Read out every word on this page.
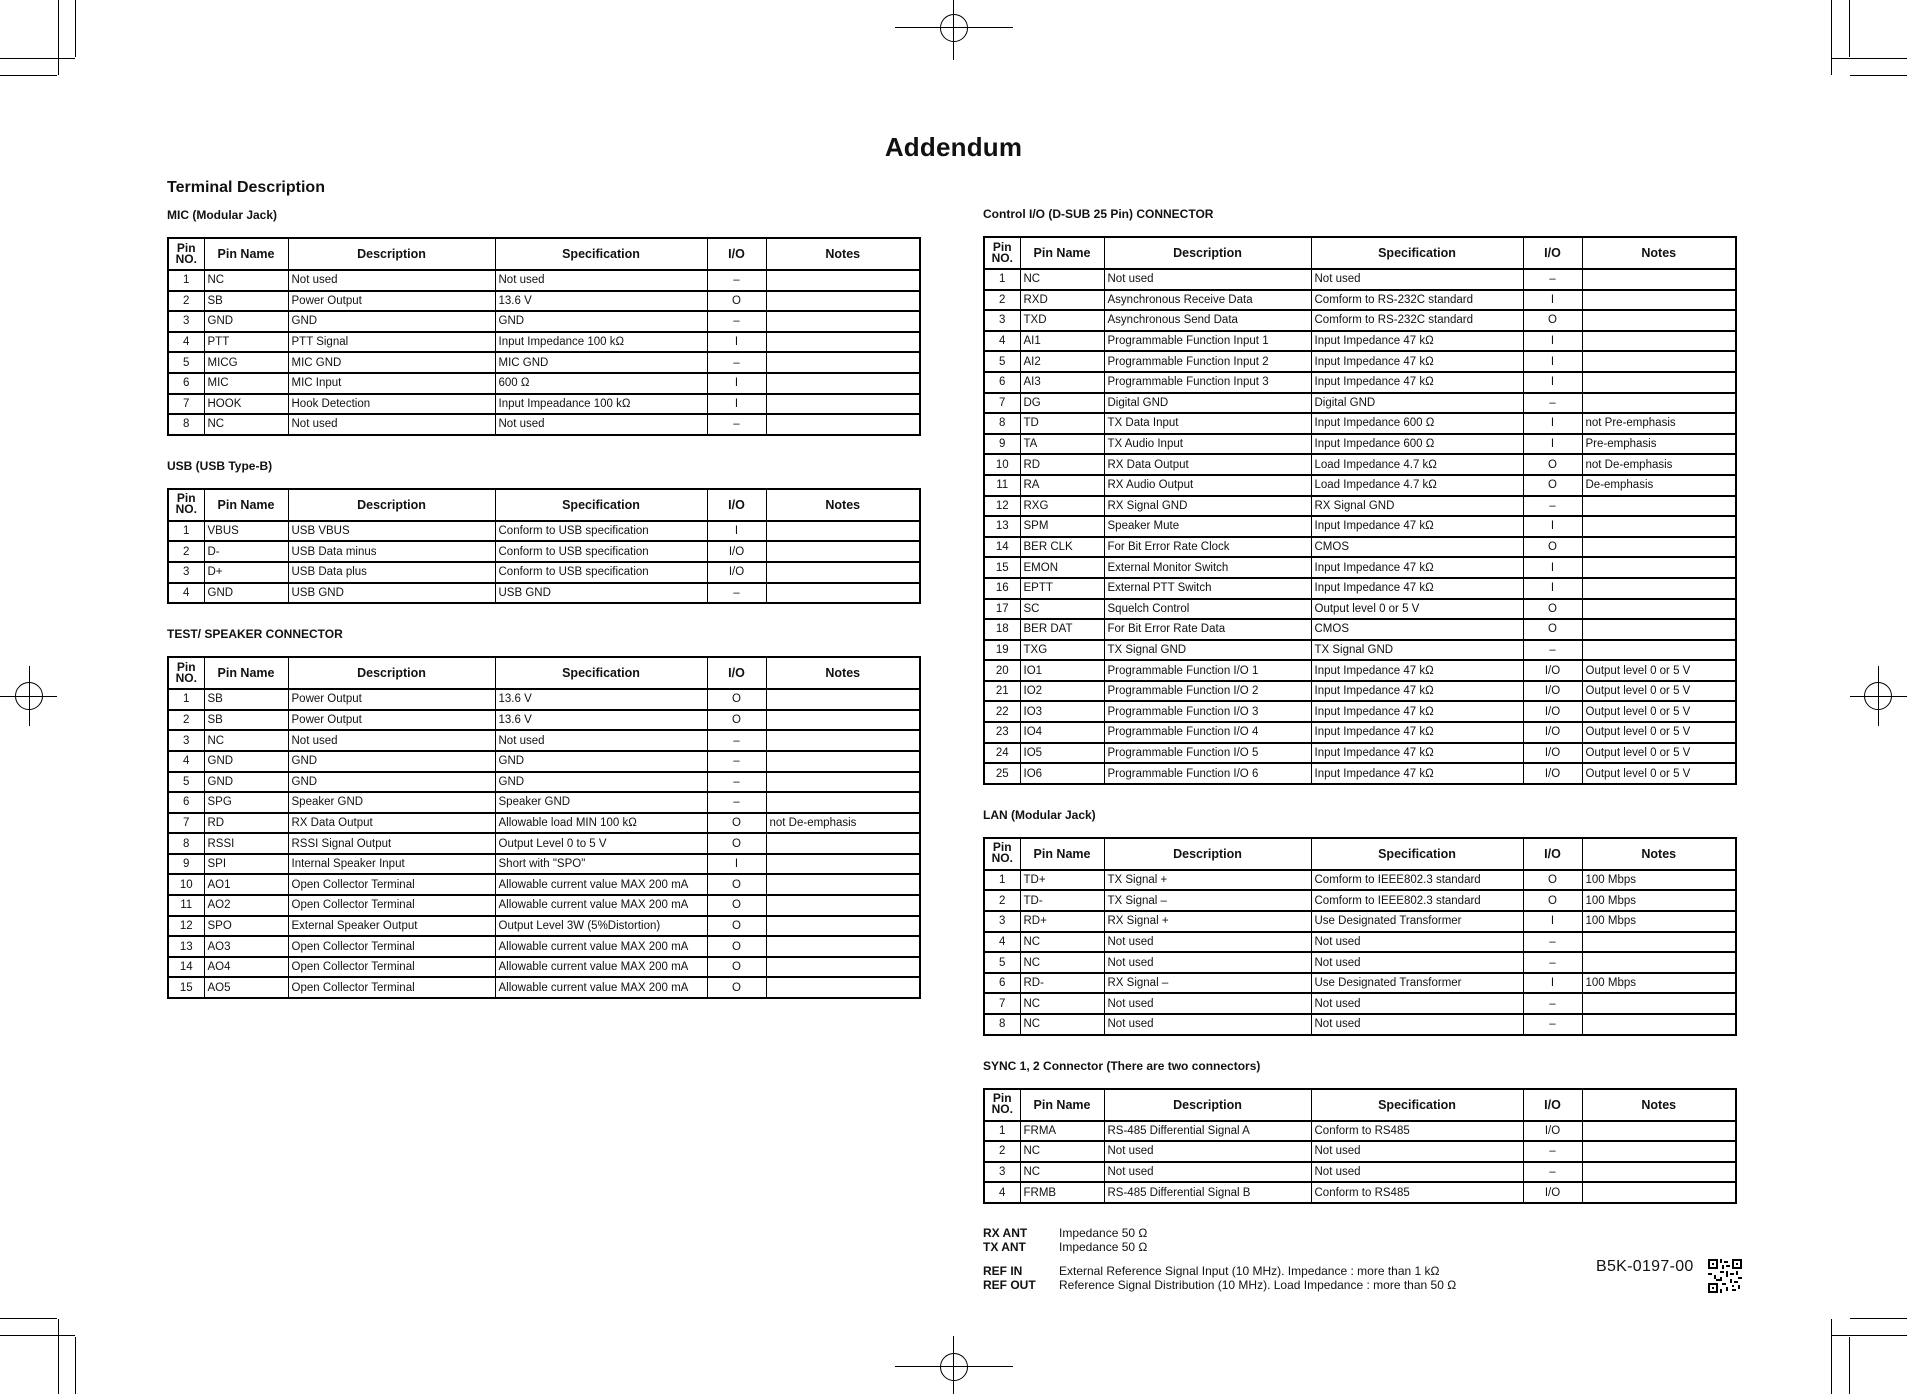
Addendum
Terminal Description
MIC (Modular Jack)
Pin
NO.	Pin Name	Description	Specification	I/O	Notes
1	NC	Not used	Not used	–	
2	SB	Power Output	13.6 V	O	
3	GND	GND	GND	–	
4	PTT	PTT Signal	Input Impedance 100 kΩ	I	
5	MICG	MIC GND	MIC GND	–	
6	MIC	MIC Input	600 Ω	I	
7	HOOK	Hook Detection	Input Impeadance 100 kΩ	I	
8	NC	Not used	Not used	–	
USB (USB Type-B)
Pin
NO.	Pin Name	Description	Specification	I/O	Notes
1	VBUS	USB VBUS	Conform to USB specification	I	
2	D-	USB Data minus	Conform to USB specification	I/O	
3	D+	USB Data plus	Conform to USB specification	I/O	
4	GND	USB GND	USB GND	–	
TEST/ SPEAKER CONNECTOR
Pin
NO.	Pin Name	Description	Specification	I/O	Notes
1	SB	Power Output	13.6 V	O	
2	SB	Power Output	13.6 V	O	
3	NC	Not used	Not used	–	
4	GND	GND	GND	–	
5	GND	GND	GND	–	
6	SPG	Speaker GND	Speaker GND	–	
7	RD	RX Data Output	Allowable load MIN 100 kΩ	O	not De-emphasis
8	RSSI	RSSI Signal Output	Output Level 0 to 5 V	O	
9	SPI	Internal Speaker Input	Short with "SPO"	I	
10	AO1	Open Collector Terminal	Allowable current value MAX 200 mA	O	
11	AO2	Open Collector Terminal	Allowable current value MAX 200 mA	O	
12	SPO	External Speaker Output	Output Level 3W (5%Distortion)	O	
13	AO3	Open Collector Terminal	Allowable current value MAX 200 mA	O	
14	AO4	Open Collector Terminal	Allowable current value MAX 200 mA	O	
15	AO5	Open Collector Terminal	Allowable current value MAX 200 mA	O	
Control I/O (D-SUB 25 Pin) CONNECTOR
Pin
NO.	Pin Name	Description	Specification	I/O	Notes
1	NC	Not used	Not used	–	
2	RXD	Asynchronous Receive Data	Comform to RS-232C standard	I	
3	TXD	Asynchronous Send Data	Comform to RS-232C standard	O	
4	AI1	Programmable Function Input 1	Input Impedance 47 kΩ	I	
5	AI2	Programmable Function Input 2	Input Impedance 47 kΩ	I	
6	AI3	Programmable Function Input 3	Input Impedance 47 kΩ	I	
7	DG	Digital GND	Digital GND	–	
8	TD	TX Data Input	Input Impedance 600 Ω	I	not Pre-emphasis
9	TA	TX Audio Input	Input Impedance 600 Ω	I	Pre-emphasis
10	RD	RX Data Output	Load Impedance 4.7 kΩ	O	not De-emphasis
11	RA	RX Audio Output	Load Impedance 4.7 kΩ	O	De-emphasis
12	RXG	RX Signal GND	RX Signal GND	–	
13	SPM	Speaker Mute	Input Impedance 47 kΩ	I	
14	BER CLK	For Bit Error Rate Clock	CMOS	O	
15	EMON	External Monitor Switch	Input Impedance 47 kΩ	I	
16	EPTT	External PTT Switch	Input Impedance 47 kΩ	I	
17	SC	Squelch Control	Output level 0 or 5 V	O	
18	BER DAT	For Bit Error Rate Data	CMOS	O	
19	TXG	TX Signal GND	TX Signal GND	–	
20	IO1	Programmable Function I/O 1	Input Impedance 47 kΩ	I/O	Output level 0 or 5 V
21	IO2	Programmable Function I/O 2	Input Impedance 47 kΩ	I/O	Output level 0 or 5 V
22	IO3	Programmable Function I/O 3	Input Impedance 47 kΩ	I/O	Output level 0 or 5 V
23	IO4	Programmable Function I/O 4	Input Impedance 47 kΩ	I/O	Output level 0 or 5 V
24	IO5	Programmable Function I/O 5	Input Impedance 47 kΩ	I/O	Output level 0 or 5 V
25	IO6	Programmable Function I/O 6	Input Impedance 47 kΩ	I/O	Output level 0 or 5 V
LAN (Modular Jack)
Pin
NO.	Pin Name	Description	Specification	I/O	Notes
1	TD+	TX Signal +	Comform to IEEE802.3 standard	O	100 Mbps
2	TD-	TX Signal –	Comform to IEEE802.3 standard	O	100 Mbps
3	RD+	RX Signal +	Use Designated Transformer	I	100 Mbps
4	NC	Not used	Not used	–	
5	NC	Not used	Not used	–	
6	RD-	RX Signal –	Use Designated Transformer	I	100 Mbps
7	NC	Not used	Not used	–	
8	NC	Not used	Not used	–	
SYNC 1, 2 Connector (There are two connectors)
Pin
NO.	Pin Name	Description	Specification	I/O	Notes
1	FRMA	RS-485 Differential Signal A	Conform to RS485	I/O	
2	NC	Not used	Not used	–	
3	NC	Not used	Not used	–	
4	FRMB	RS-485 Differential Signal B	Conform to RS485	I/O	
RX ANT	Impedance 50 Ω
TX ANT	Impedance 50 Ω
REF IN	External Reference Signal Input (10 MHz). Impedance : more than 1 kΩ
REF OUT	Reference Signal Distribution (10 MHz). Load Impedance : more than 50 Ω
B5K-0197-00
